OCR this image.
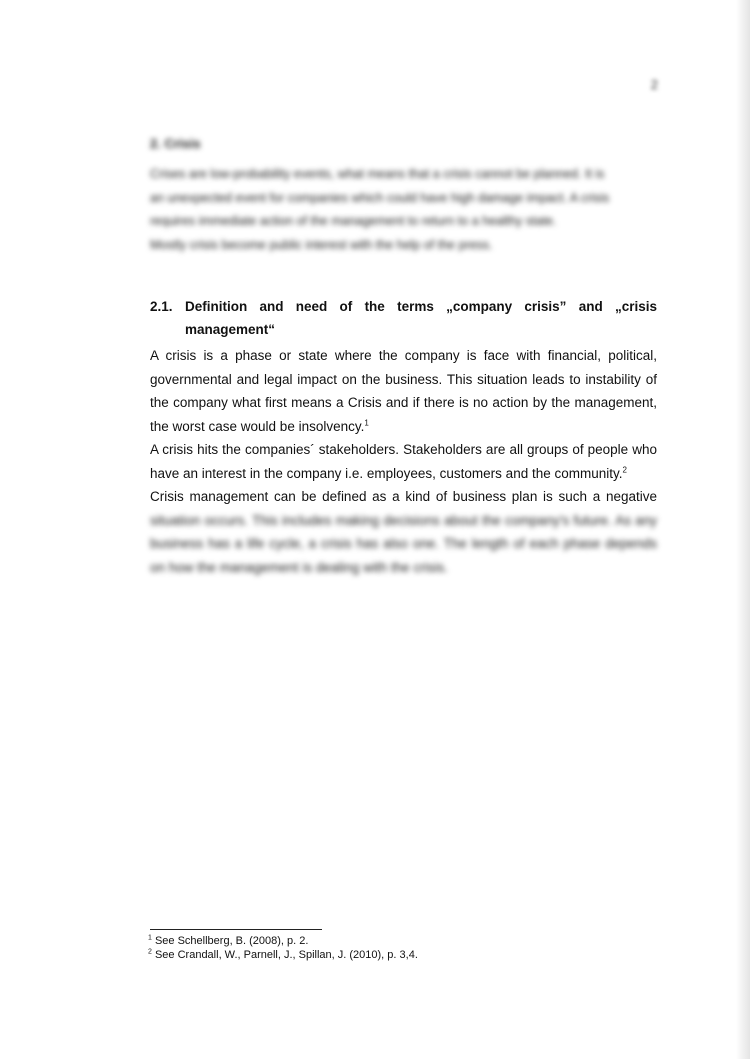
2
2. Crisis

Crises are low-probability events, what means that a crisis cannot be planned. It is

an unexpected event for companies which could have high damage impact. A crisis

requires immediate action of the management to return to a healthy state.

Mostly crisis become public interest with the help of the press.

2.1. Definition and need of the terms „company crisis” and „crisis management“

A crisis is a phase or state where the company is face with financial, political, governmental and legal impact on the business. This situation leads to instability of the company what first means a Crisis and if there is no action by the management, the worst case would be insolvency.$^1$

A crisis hits the companies´ stakeholders. Stakeholders are all groups of people who have an interest in the company i.e. employees, customers and the community.$^2$

Crisis management can be defined as a kind of business plan is such a negative situation occurs. This includes making decisions about the company's future. As any business has a life cycle, a crisis has also one. The length of each phase depends on how the management is dealing with the crisis.

$^1$ See Schellberg, B. (2008), p. 2.
$^2$ See Crandall, W., Parnell, J., Spillan, J. (2010), p. 3,4.
